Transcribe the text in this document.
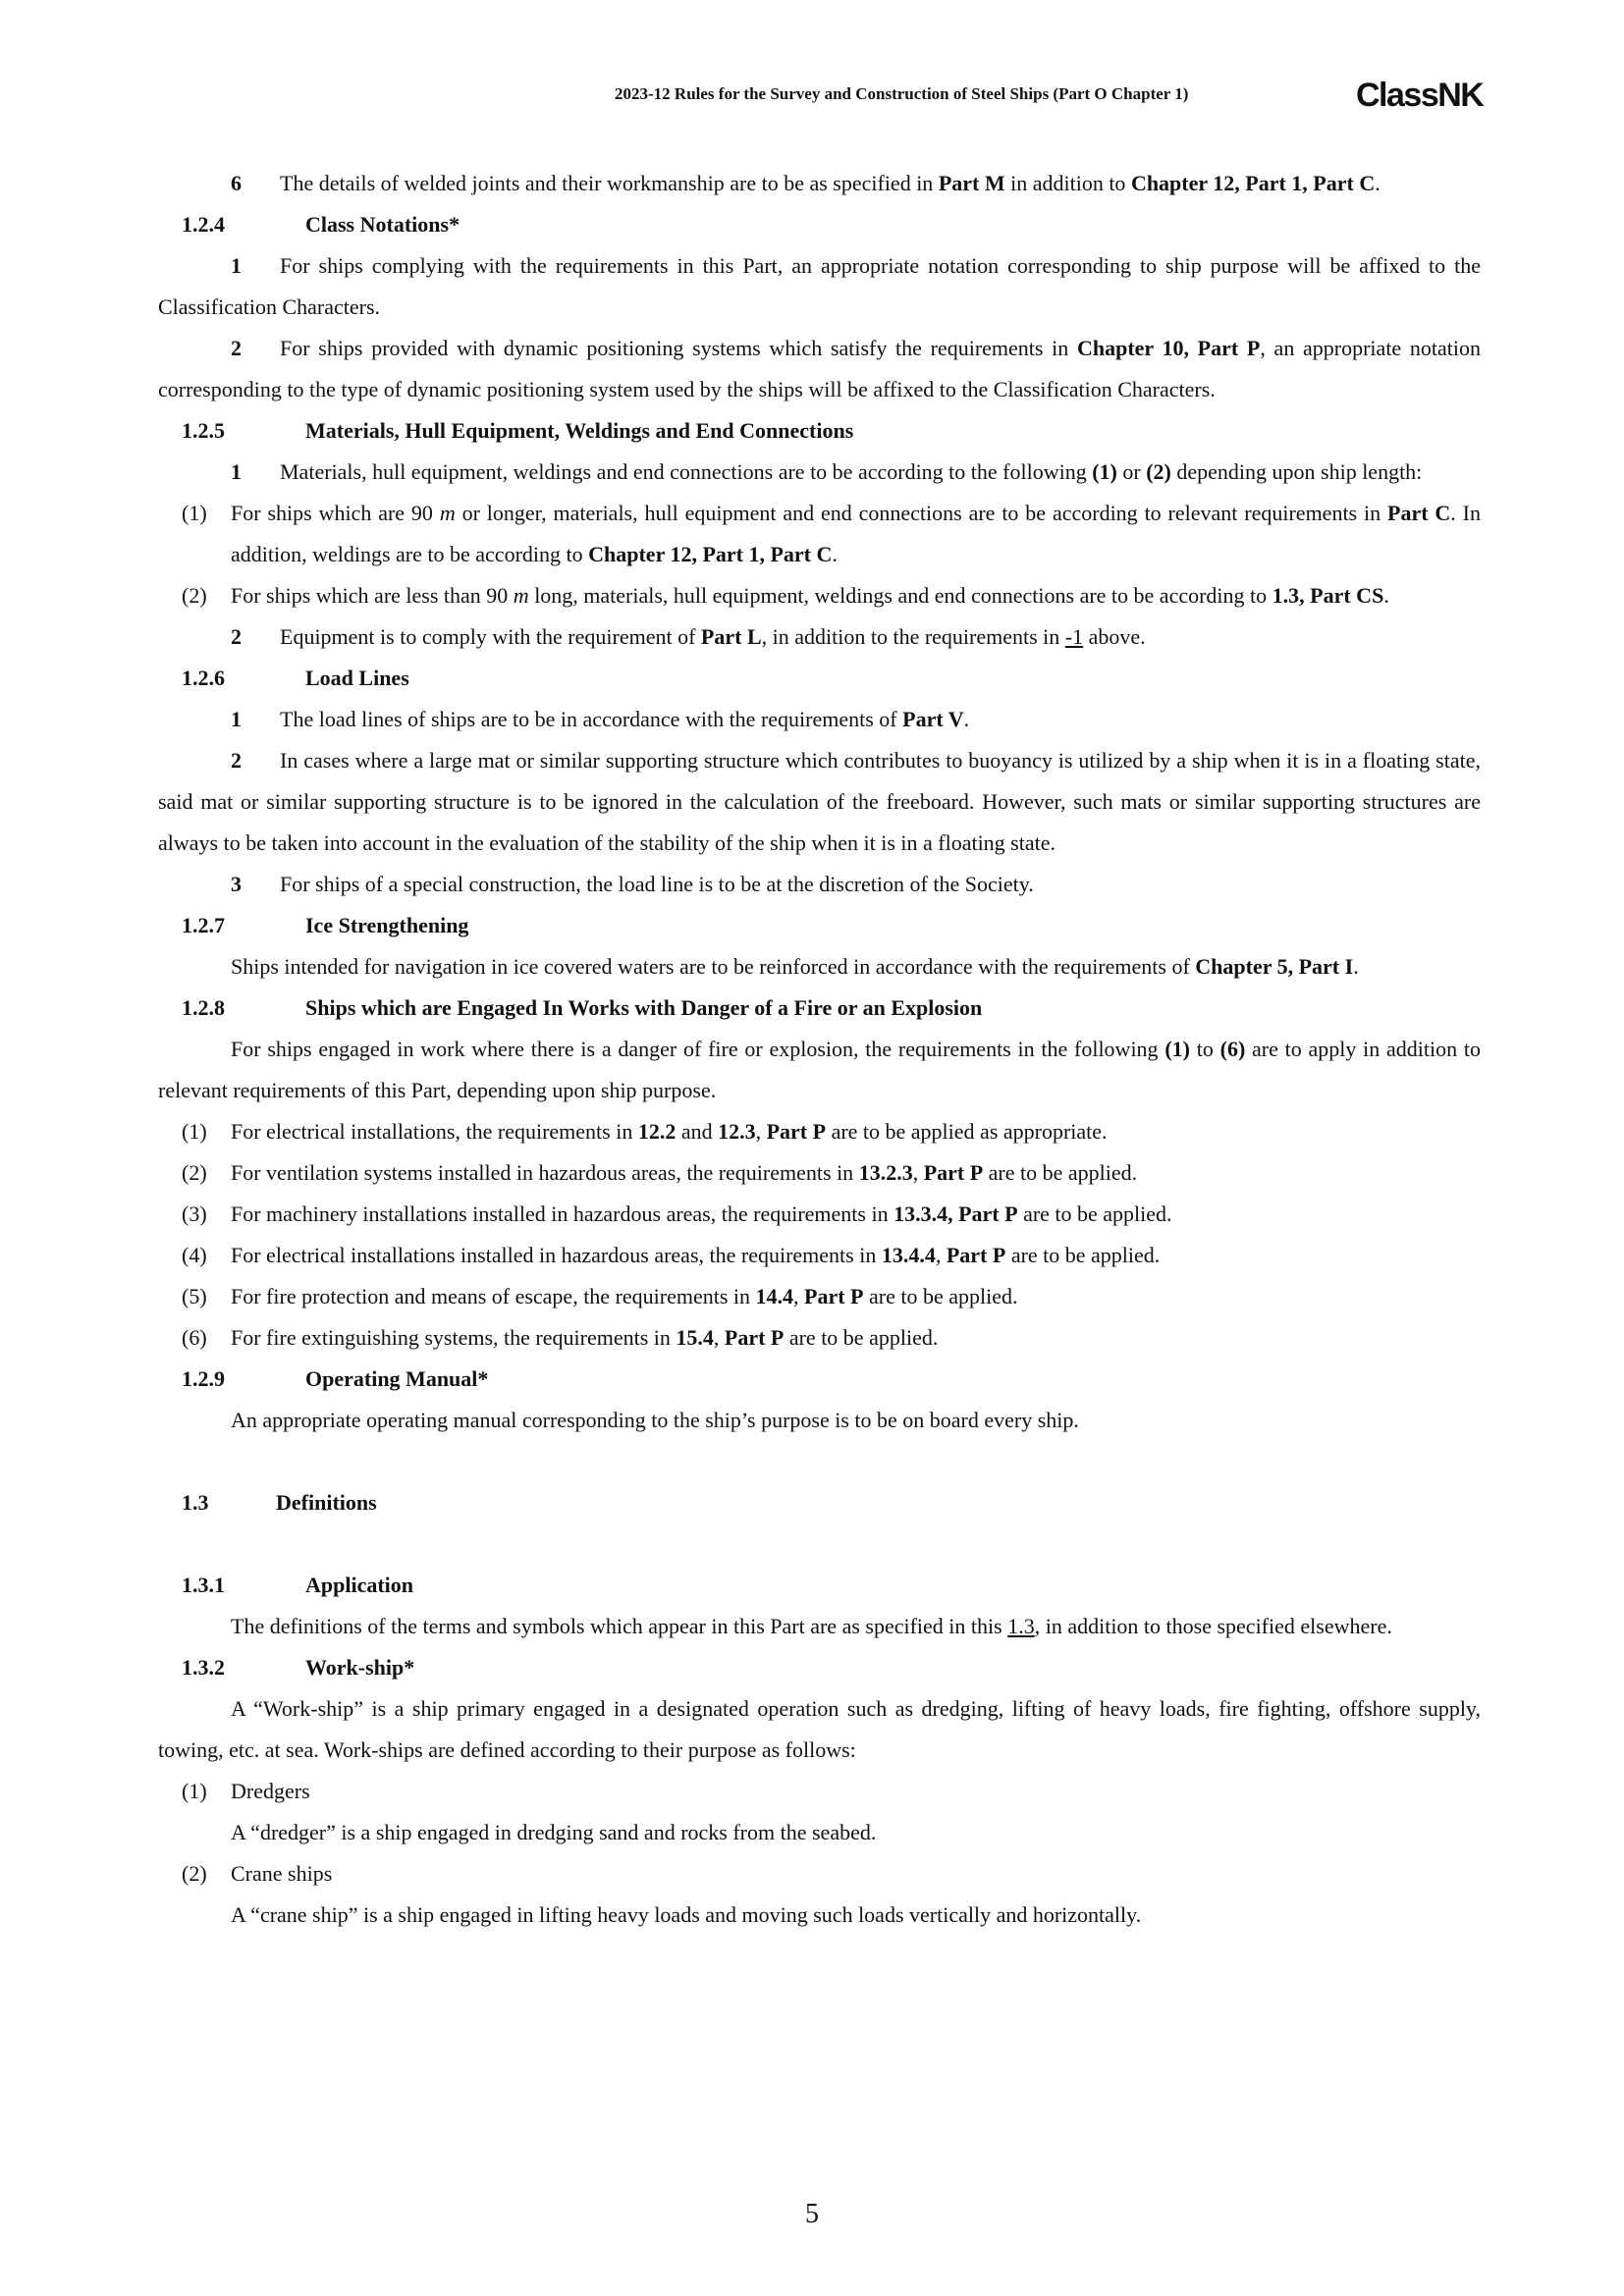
2023-12 Rules for the Survey and Construction of Steel Ships (Part O Chapter 1)	ClassNK

6 The details of welded joints and their workmanship are to be as specified in Part M in addition to Chapter 12, Part 1, Part C.

1.2.4	Class Notations*

1 For ships complying with the requirements in this Part, an appropriate notation corresponding to ship purpose will be affixed to the Classification Characters.

2 For ships provided with dynamic positioning systems which satisfy the requirements in Chapter 10, Part P, an appropriate notation corresponding to the type of dynamic positioning system used by the ships will be affixed to the Classification Characters.

1.2.5	Materials, Hull Equipment, Weldings and End Connections

1 Materials, hull equipment, weldings and end connections are to be according to the following (1) or (2) depending upon ship length:

(1) For ships which are 90 m or longer, materials, hull equipment and end connections are to be according to relevant requirements in Part C. In addition, weldings are to be according to Chapter 12, Part 1, Part C.

(2) For ships which are less than 90 m long, materials, hull equipment, weldings and end connections are to be according to 1.3, Part CS.

2 Equipment is to comply with the requirement of Part L, in addition to the requirements in -1 above.

1.2.6	Load Lines

1 The load lines of ships are to be in accordance with the requirements of Part V.

2 In cases where a large mat or similar supporting structure which contributes to buoyancy is utilized by a ship when it is in a floating state, said mat or similar supporting structure is to be ignored in the calculation of the freeboard. However, such mats or similar supporting structures are always to be taken into account in the evaluation of the stability of the ship when it is in a floating state.

3 For ships of a special construction, the load line is to be at the discretion of the Society.

1.2.7	Ice Strengthening

Ships intended for navigation in ice covered waters are to be reinforced in accordance with the requirements of Chapter 5, Part I.

1.2.8	Ships which are Engaged In Works with Danger of a Fire or an Explosion

For ships engaged in work where there is a danger of fire or explosion, the requirements in the following (1) to (6) are to apply in addition to relevant requirements of this Part, depending upon ship purpose.

(1) For electrical installations, the requirements in 12.2 and 12.3, Part P are to be applied as appropriate.

(2) For ventilation systems installed in hazardous areas, the requirements in 13.2.3, Part P are to be applied.

(3) For machinery installations installed in hazardous areas, the requirements in 13.3.4, Part P are to be applied.

(4) For electrical installations installed in hazardous areas, the requirements in 13.4.4, Part P are to be applied.

(5) For fire protection and means of escape, the requirements in 14.4, Part P are to be applied.

(6) For fire extinguishing systems, the requirements in 15.4, Part P are to be applied.

1.2.9	Operating Manual*

An appropriate operating manual corresponding to the ship’s purpose is to be on board every ship.

1.3	Definitions

1.3.1	Application

The definitions of the terms and symbols which appear in this Part are as specified in this 1.3, in addition to those specified elsewhere.

1.3.2	Work-ship*

A “Work-ship” is a ship primary engaged in a designated operation such as dredging, lifting of heavy loads, fire fighting, offshore supply, towing, etc. at sea. Work-ships are defined according to their purpose as follows:

(1) Dredgers

A “dredger” is a ship engaged in dredging sand and rocks from the seabed.

(2) Crane ships

A “crane ship” is a ship engaged in lifting heavy loads and moving such loads vertically and horizontally.

5
